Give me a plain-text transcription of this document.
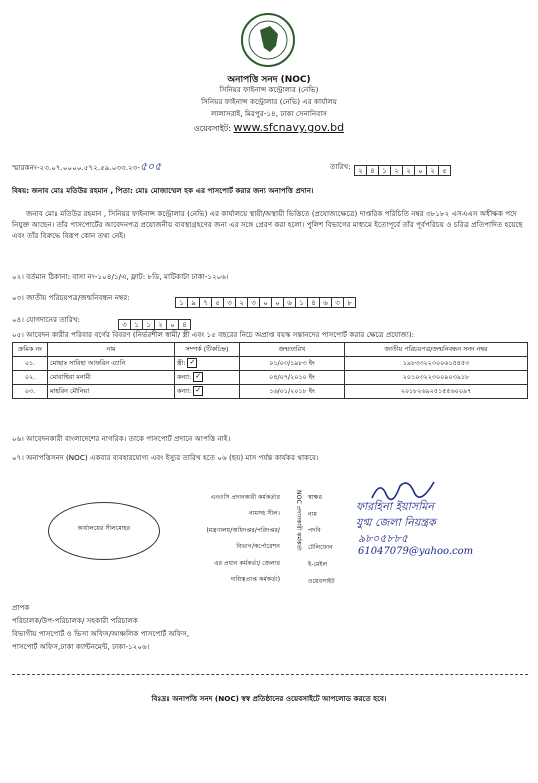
অনাপত্তি সনদ (NOC)
সিনিয়র ফাইনান্স কন্ট্রোলার (নেভি)
সিনিয়র ফাইনান্স কন্ট্রোলার (নেভি) এর কার্যালয়
লালাসরাই, মিরপুর-১৪, ঢাকা সেনানিবাস
ওয়েবসাইট: www.sfcnavy.gov.bd
স্মারকনং-২৩.০৭.০০০০.৫৭২.৫৯.০৩৩.২৩-৫০৫	তারিখ:	২ ৪ ১ ২ ২ ০ ২ ৫
বিষয়: জনাব মোঃ মতিউর রহমান , পিতা: মোঃ মোজাম্মেল হক এর পাসপোর্ট করার জন্য অনাপত্তি প্রদান।
জনাব মোঃ মতিউর রহমান , সিনিয়র ফাইনান্স কন্ট্রোলার (নেভি) এর কার্যালয়ে স্থায়ী/অস্থায়ী ভিত্তিতে (প্রযোজ্যক্ষেত্রে) দাপ্তরিক পরিচিতি নম্বর ৩৮১৮২ এসএএস অধীক্ষক পদে নিযুক্ত আছেন। তাঁর পাসপোর্টের আবেদনপত্র প্রয়োজনীয় ব্যবস্থাগ্রহণের জন্য এর সঙ্গে প্রেরণ করা হলো। পুলিশ বিভাগের মাধ্যমে ইতোপূর্বে তাঁর পূর্বপরিচয় ও চরিত্র প্রতিপাদিত হয়েছে এবং তাঁর বিরুদ্ধে বিরূপ কোন তথ্য নেই।
০২। বর্তমান ঠিকানা: বাসা নং-১০৪/১/এ, ফ্লাট: ৮ডি, মাটিকাটা ঢাকা-১২০৬।
০৩। জাতীয় পরিচয়পত্র/জন্মনিবন্ধন নম্বর:
১ ৯ ৭ ৫ ৩ ২ ৩ ০ ০ ৬ ১ ৪ ৬ ৩ ৮
০৪। যোগদানের তারিখ:
৩ ১ ১ ২ ০ ৪
০৫। আবেদন কারীর পরিবার বর্গের বিবরণ (নির্ভরশীল স্বামী/ স্ত্রী এবং ১৫ বছরের নিচে অপ্রাপ্ত বয়স্ক সন্তানদের পাসপোর্ট করার ক্ষেত্রে প্রযোজ্য):
ক্রমিক নং	নাম	সম্পর্ক (টিকচিহ্ন)	জন্মতারিখ	জাতীয় পরিচয়পত্র/জন্মনিবন্ধন সনদ নম্বর
০১.	মোছাঃ সাবিহা আফরিন এ্যানি	স্ত্রী: ✓	০১/০৩/১৯৮৩ ইং	১৯৮৩৩২২৩০০৬১৫৪৫৩
০২.	মোবাশ্বিরা মনামী	কন্যা: ✓	০৪/০৭/২০১০ ইং	২০১০৩২২৩০০৯০৩৯১৮
০৩.	মাহরিন মৌনিয়া	কন্যা: ✓	১৬/০১/২০১৮ ইং	২০১৮২৬৯২৫১৫৫৬০০৯৭
০৬। আবেদনকারী বাংলাদেশের নাগরিক। তাকে পাসপোর্ট প্রদানে আপত্তি নাই।
০৭। অনাপত্তিসনদ (NOC) একবার ব্যবহারযোগ্য এবং ইস্যুর তারিখ হতে ০৬ (ছয়) মাস পর্যন্ত কার্যকর থাকবে।
কার্যালয়ের সীলমোহর
এনওসি প্রদানকারী কর্মকর্তার
নামসহ সীল।
(মন্ত্রণালয়/অধিদপ্তর/পরিদপ্তর/
বিভাগ/কর্পোরেশন
এর প্রধান কর্মকর্তা/ জেলার
দায়িত্বপ্রাপ্ত কর্মকর্তা)
NOC প্রদানকারী কর্মকর্তা স্বাক্ষর
নাম
পদবি
টেলিফোন
ই-মেইল
ওয়েবসাইট
ফারহিনা ইয়াসমিন
যুগ্ম জেলা নিয়ন্ত্রক
৯৮০৫৮৮৫
61047079@yahoo.com
প্রাপক
পরিচালক/উপ-পরিচালক/ সহকারী পরিচালক
বিভাগীয় পাসপোর্ট ও ভিসা অফিস/আঞ্চলিক পাসপোর্ট অফিস,
পাসপোর্ট অফিস,ঢাকা ক্যান্টনমেন্ট, ঢাকা-১২০৬।
বিঃদ্রঃ অনাপত্তি সনদ (NOC) স্বস্ব প্রতিষ্ঠানের ওয়েবসাইটে আপলোড করতে হবে।
